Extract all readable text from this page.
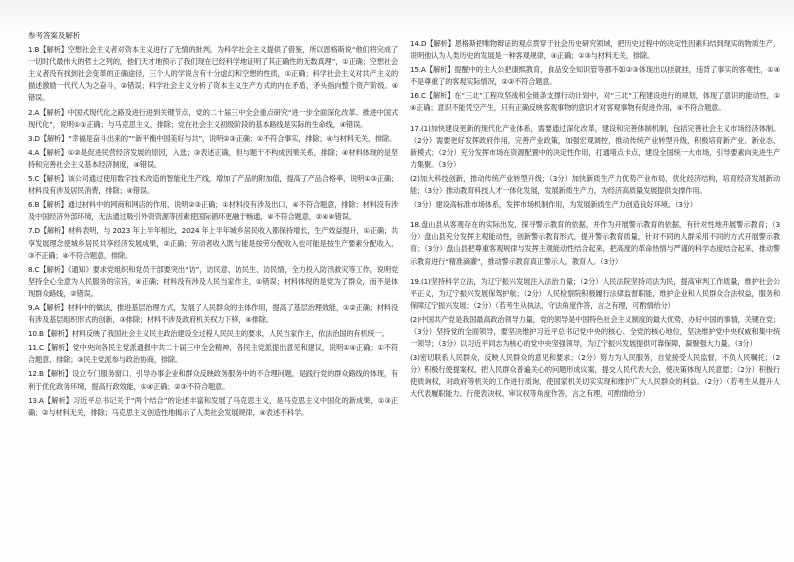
参考答案及解析

1.B【解析】空想社会主义者对资本主义进行了无情的批判，为科学社会主义提供了借鉴，所以恩格斯说“他们将完成了一切时代最伟大的哲士之列的，他们天才地预示了我们现在已经科学地证明了其正确性的无数真理”，①正确；空想社会主义者没有找到社会变革的正确途径，三个人的学说含有十分虚幻和空想的性质，①正确；科学社会主义对共产主义的描述激励一代代人为之奋斗，②错误；科学社会主义分析了资本主义生产方式的内在矛盾，矛头指向整个资产阶级。④错误。

2.A【解析】中国式现代化之路及进行进到关键节点，党的二十届三中全会重点研究“进一步全面深化改革、推进中国式现代化”，说明①①正确；与马克思主义，排除；党在社会主义初级阶段的基本路线是实际的生命线，④错误。

3.D【解析】“幸福是奋斗出来的”“新平衡中国美好与共”，说明②③正确；①不符合事实，排除；④与材料无关，排除。

4.A【解析】①②是促进民营经济发展的原因，入选；③表述正确，但与题干不构成因果关系，排除；④材料体现的是坚持和完善社会主义基本经济制度，④错误。

5.C【解析】该公司通过使用数字技术改造的智能化生产线，增加了产品的附加值，提高了产品合格率，说明①③正确；材料没有涉及居民消费，排除；④错误。

6.B【解析】通过材料中的网商和网店的作用，说明②③正确；①材料没有涉及出口，④不符合题意，排除；材料没有涉及中国经济外部环境，无法通过吸引外资资源等因素使国际循环更融于畅通，④不符合题意，②④④错误。

7.D【解析】材料表明，与 2023 年上半年相比，2024 年上半年城乡居民收入都保持增长，生产效益提升，①正确；共享发展理念使城乡居民共享经济发展成果，②正确；劳动者收入既与能是按劳分配收入也可能是按生产要素分配收入，③不正确；④不符合题意，排除。

8.C【解析】《通知》要求党组织和党员干部要突出“访”，访民意、访民生、访民情，全力投入防汛救灾等工作，说明党坚持全心全意为人民服务的宗旨，④正确；材料没有涉及人民当家作主，①错误；材料体现的是党为了群众，而不是体现群众路线，②错误。

9.A【解析】材料中的做法，推进基层治理方式，发展了人民群众的主体作用，提高了基层治理效能，①②正确；材料没有涉及基层组织形式的创新，③排除；材料不涉及政府机关权力下移，④排除。

10.B【解析】材料反映了我国社会主义民主政治建设全过程人民民主的要求，人民当家作主，依法治国的有机统一。

11.C【解析】党中央向各民主党派通报中共二十届三中全会精神，各民主党派提出意见和建议，说明①④正确；①不符合题意，排除；③民主党派参与政治协商，排除。

12.B【解析】设立专门服务窗口，引导办事企业和群众反映政务服务中的不合理问题，是践行党的群众路线的体现，有利于优化政务环境，提高行政效能，①④正确；②③不符合题意。

13.A【解析】习近平总书记关于“两个结合”的论述丰富和发展了马克思主义，是马克思主义中国化的新成果，①③正确；②与材料无关，排除；马克思主义创造性地揭示了人类社会发展规律，④表述不科学。

14.D【解析】恩格斯把唯物辩证的观点贯穿于社会历史研究领域，把历史过程中的决定性因素归结到现实的物质生产，说明他认为人类历史的发展是一种客观规律，④正确；①③与材料无关，排除。

15.A【解析】提醒中的主人公把康熙教育，食品安全知识管等都不如②③体现出以挂就挂，违背了事实的客观性，①④不是尊重了的客观实际情况，②③不符合题意。

16.C【解析】在“三北”工程攻坚战和全链条支撑行动计划中，对“三北”工程建设进行的规划，体现了意识的能动性，①④正确；意识不能凭空产生，只有正确反映客观事物的意识才对客观事物有促进作用，④不符合题意。

17.(1)加快建设更新的现代化产业体系，需要通过深化改革，建设和完善体制机制，包括完善社会主义市场经济体制。（2分）需要更好发挥政府作用，完善产业政策，加强宏观调控，推动传统产业转型升级，积极培育新产业、新业态、新模式；（2分）充分发挥市场在资源配置中的决定性作用，打通堵点卡点，建设全国统一大市场，引导要素向先进生产力集聚。（3分）

(2)加大科技创新，推动传统产业转型升级；（3分）加快新质生产力优势产业布局，优化经济结构，培育经济发展新动能；（3分）推动教育科技人才一体化发展，发展新质生产力，为经济高质量发展提供支撑作用。

（3分）建设高标准市场体系，发挥市场机制作用，为发展新质生产力创造良好环境。（3分）

18.盘山县从客观存在的实际出发，探寻警示教育的依据，并作为开展警示教育的依据，有针对性地开展警示教育；（3分）盘山县充分发挥主观能动性，创新警示教育形式，提升警示教育质量，针对不同的人群采用不同的方式开展警示教育；（3分）盘山县把尊重客观规律与发挥主观能动性结合起来，把高度的革命热情与严谨的科学态度结合起来，推动警示教育进行“精准滴灌”，推动警示教育真正警示人，教育人。（3分）

19.(1)坚持科学立法，为辽宁振兴发展注入法治力量；（2分）人民法院坚持司法为民，提高审判工作质量，维护社会公平正义，为辽宁振兴发展保驾护航；（2分）人民检察院积极履行法律监督职能，维护企业和人民群众合法权益，服务和保障辽宁振兴发展；（2分）（若考生从执法、守法角度作答，言之有理，可酌情给分）

(2)中国共产党是我国最高政治领导力量，党的领导是中国特色社会主义制度的最大优势，办好中国的事情，关键在党；（3分）坚持党的全面领导，要坚决维护习近平总书记党中央的核心、全党的核心地位，坚决维护党中央权威和集中统一领导；（3分）以习近平同志为核心的党中央坚强领导，为辽宁振兴发展提供可靠保障，凝聚强大力量。（3分）

(3)密切联系人民群众，反映人民群众的意见和要求；（2分）努力为人民服务，自觉接受人民监督，不负人民嘱托；（2分）积极行使提案权，把人民群众普遍关心的问题形成议案，提交人民代表大会，使决策体现人民意愿；（2分）积极行使质询权，对政府等机关的工作进行质询，使国家机关切实实现和维护广大人民群众的利益。（2分）（若考生从提升人大代表履职能力、行使表决权、审议权等角度作答，言之有理，可酌情给分）
